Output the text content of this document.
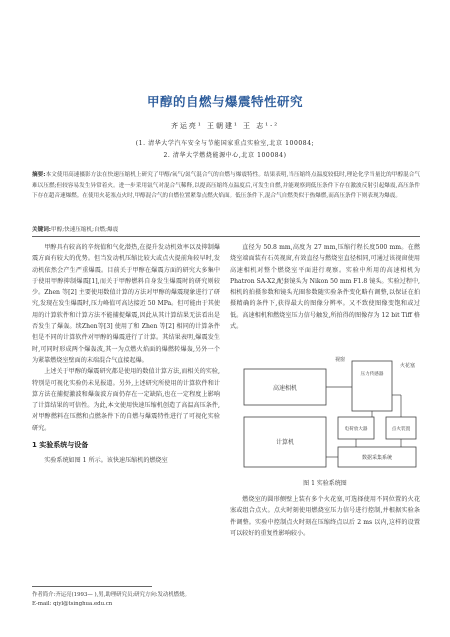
甲醇的自燃与爆震特性研究
齐运亮¹ 王朝建¹ 王 志¹·²
(1. 清华大学汽车安全与节能国家重点实验室,北京 100084;
2. 清华大学燃烧能源中心,北京 100084)
摘要:本文使用高速摄影方法在快速压缩机上研究了甲醇/氧气/氮气混合气的自燃与爆震特性。结果表明,当压缩终点温度较低时,理论化学当量比的甲醇混合气难以压燃;但较容易发生异常着火。进一步采用氩气对混合气稀释,以提高压缩终点温度后,可发生自燃,并能观察到低压条件下存在激波反射引起爆震,高压条件下存在超音速爆燃。在使用火花塞点火时,甲醇混合气的自燃位置紧靠点燃火焰面。低压条件下,混合气自燃类似于热爆燃,而高压条件下则表现为爆震。
关键词:甲醇;快速压缩机;自燃;爆震

甲醇具有较高的辛烷值和气化潜热,在提升发动机效率以及抑制爆震方面有较大的优势。但当发动机压缩比较大或点火提前角较早时,发动机依然会产生严重爆震。目前关于甲醇在爆震方面的研究大多集中于使用甲醇抑制爆震[1],而关于甲醇燃料自身发生爆震时的研究则较少。Zhen 等[2] 主要使用数值计算的方法对甲醇的爆震现象进行了研究,发现在发生爆震时,压力峰值可高达接近 50 MPa。但可能由于其使用的计算软件和计算方法不能捕捉爆震,因此从其计算结果无法看出是否发生了爆轰。续Zhen等[3] 使用了和 Zhen 等[2] 相同的计算条件但是不同的计算软件对甲醇的爆震进行了计算。其结果表明,爆震发生时,可同时形成两个爆轰波,其一为点燃火焰面的爆燃转爆轰,另外一个为紧靠燃烧室壁面的末端混合气直接起爆。

上述关于甲醇的爆震研究都是使用的数值计算方法,而相关的实验,特别是可视化实验仍未见报道。另外,上述研究所使用的计算软件和计算方法在捕捉激波和爆轰波方面仍存在一定缺陷,也在一定程度上影响了计算结果的可信性。为此,本文使用快速压缩机创造了高温高压条件,对甲醇燃料在压燃和点燃条件下的自燃与爆震特性进行了可视化实验研究。

1 实验系统与设备

实验系统如图 1 所示。该快速压缩机的燃烧室

直径为 50.8 mm,高度为 27 mm,压缩行程长度500 mm。在燃烧室端面装有石英视窗,有效直径与燃烧室直径相同,可通过该视窗使用高速相机对整个燃烧室平面进行观察。实验中所用的高速相机为Phatron SA-X2,配套镜头为 Nikon 50 mm F1.8 镜头。实验过程中,相机的拍摄参数和镜头光圈参数随实验条件变化略有调整,以保证在拍摄精确的条件下,获得最大的图像分辨率。又不致使图像变饱和或过低。高速相机和燃烧室压力信号触发,所拍得的图像存为 12 bit Tiff 格式。

高速相机
计算机
视窗
火花塞
压力传感器
电荷放大器	点火装置
数据采集系统
图 1 实验系统图

燃烧室的圆形侧壁上装有多个火花塞,可选择使用不同位置的火花塞或组合点火。点火时刻使用燃烧室压力信号进行控制,并根据实验条件调整。实验中控制点火时刻在压缩终点以后 2 ms 以内,这样的设置可以较好的重复性影响较小。

作者简介:齐运亮(1993— ),男,助理研究员;研究方向:发动机燃烧。
E-mail: qiyl@tsinghua.edu.cn
